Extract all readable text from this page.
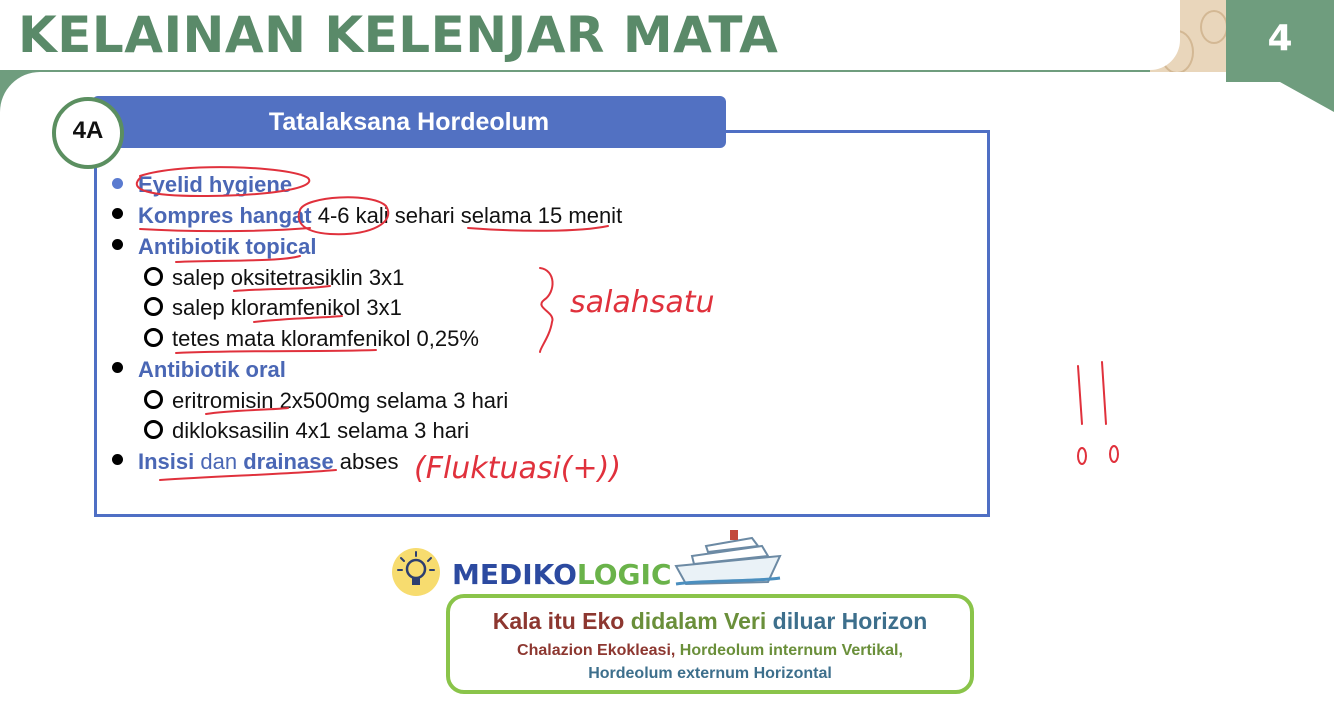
KELAINAN KELENJAR MATA	4
Tatalaksana Hordeolum
4A
Eyelid hygiene
Kompres hangat 4-6 kali sehari selama 15 menit
Antibiotik topical
salep oksitetrasiklin 3x1
salep kloramfenikol 3x1
tetes mata kloramfenikol 0,25%
Antibiotik oral
eritromisin 2x500mg selama 3 hari
dikloksasilin 4x1 selama 3 hari
Insisi dan drainase abses
salahsatu
(Fluktuasi(+))
MEDIKOLOGIC
Kala itu Eko didalam Veri diluar Horizon
Chalazion Ekokleasi, Hordeolum internum Vertikal,
Hordeolum externum Horizontal
